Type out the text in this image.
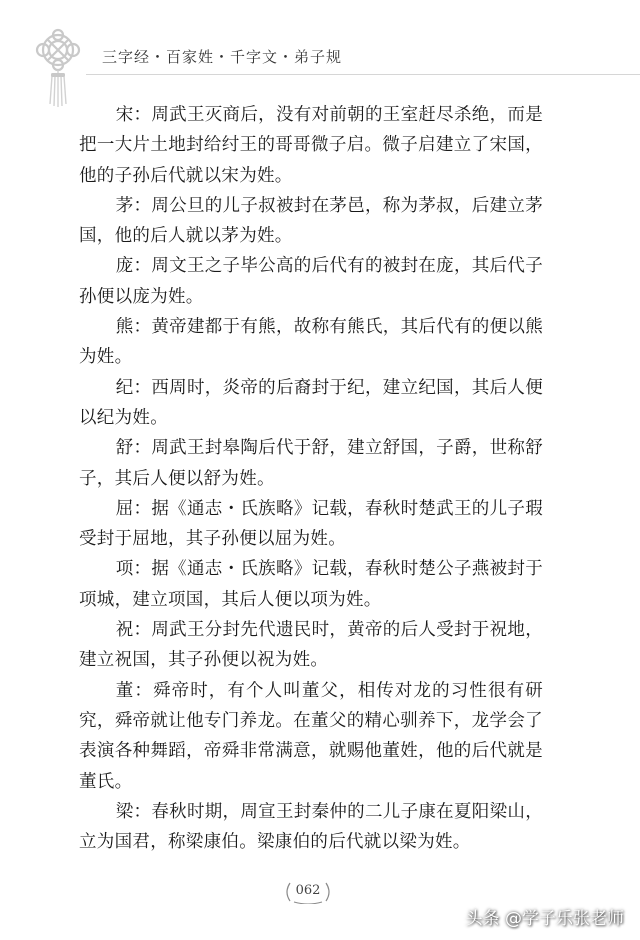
三字经・百家姓・千字文・弟子规

宋：周武王灭商后，没有对前朝的王室赶尽杀绝，而是把一大片土地封给纣王的哥哥微子启。微子启建立了宋国，他的子孙后代就以宋为姓。

茅：周公旦的儿子叔被封在茅邑，称为茅叔，后建立茅国，他的后人就以茅为姓。

庞：周文王之子毕公高的后代有的被封在庞，其后代子孙便以庞为姓。

熊：黄帝建都于有熊，故称有熊氏，其后代有的便以熊为姓。

纪：西周时，炎帝的后裔封于纪，建立纪国，其后人便以纪为姓。

舒：周武王封皋陶后代于舒，建立舒国，子爵，世称舒子，其后人便以舒为姓。

屈：据《通志・氏族略》记载，春秋时楚武王的儿子瑕受封于屈地，其子孙便以屈为姓。

项：据《通志・氏族略》记载，春秋时楚公子燕被封于项城，建立项国，其后人便以项为姓。

祝：周武王分封先代遗民时，黄帝的后人受封于祝地，建立祝国，其子孙便以祝为姓。

董：舜帝时，有个人叫董父，相传对龙的习性很有研究，舜帝就让他专门养龙。在董父的精心驯养下，龙学会了表演各种舞蹈，帝舜非常满意，就赐他董姓，他的后代就是董氏。

梁：春秋时期，周宣王封秦仲的二儿子康在夏阳梁山，立为国君，称梁康伯。梁康伯的后代就以梁为姓。

062
头条 @学子乐张老师
